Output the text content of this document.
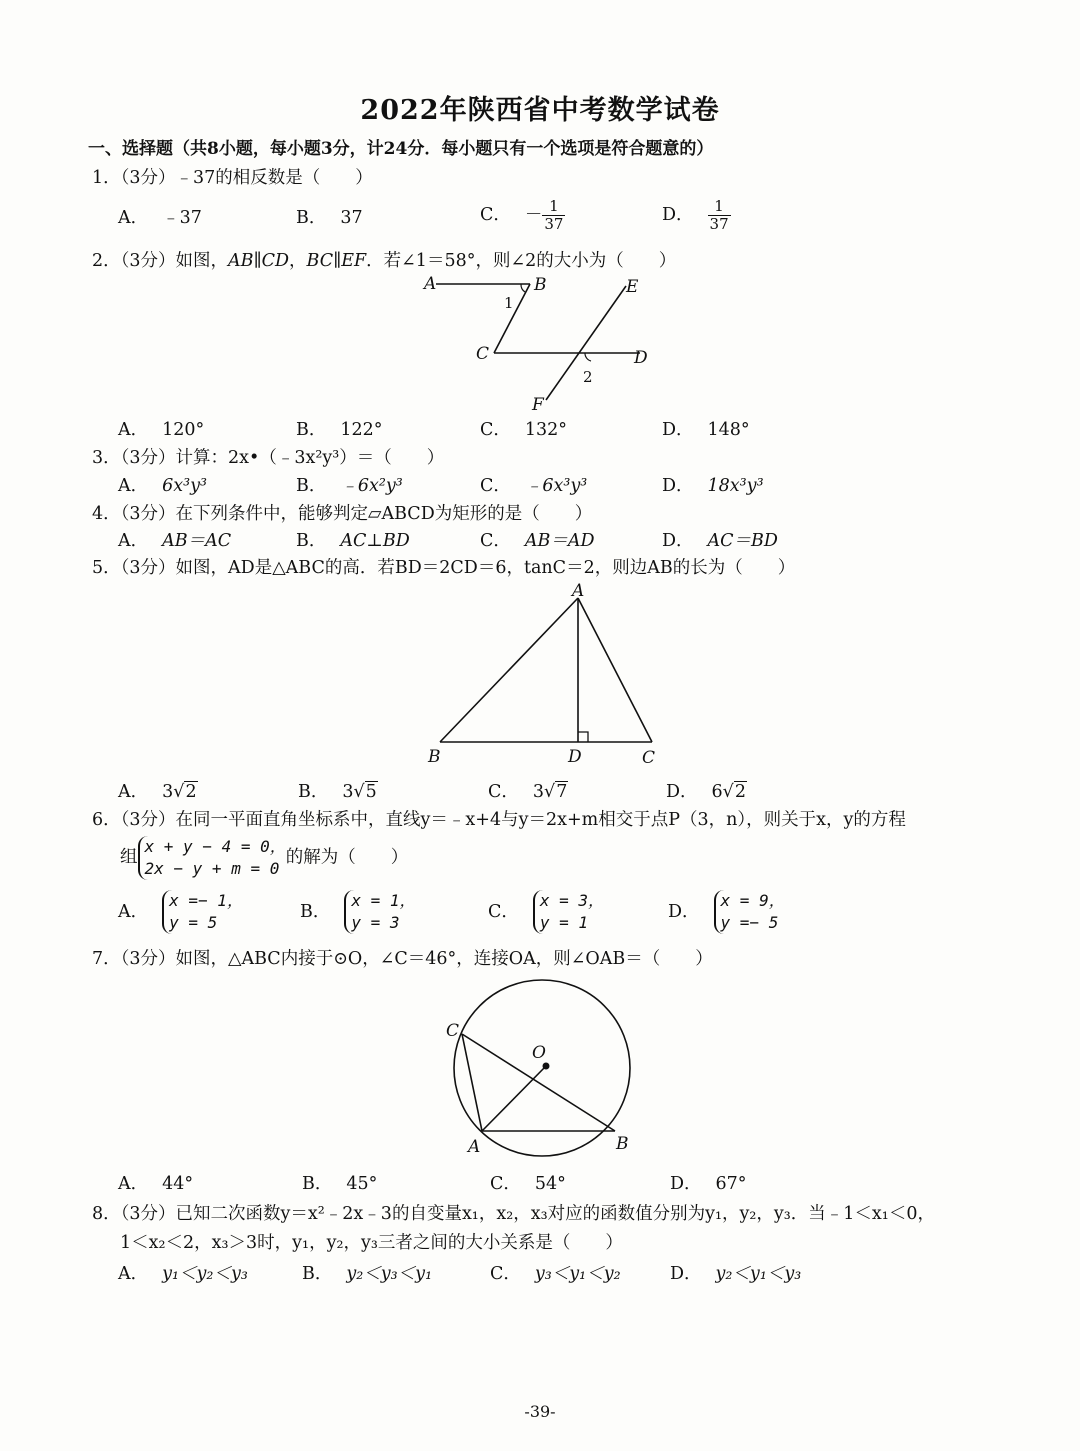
2022年陕西省中考数学试卷
一、选择题（共8小题，每小题3分，计24分．每小题只有一个选项是符合题意的）
1．（3分）﹣37的相反数是（　　）
A． ﹣37	B． 37	C． － $\frac{1}{37}$	D． $\frac{1}{37}$
2．（3分）如图，AB∥CD，BC∥EF．若∠1＝58°，则∠2的大小为（　　）
A	B	E
C	D
F
1
2
A． 120°	B． 122°	C． 132°	D． 148°
3．（3分）计算：2x•（﹣3x²y³）＝（　　）
A． 6x³y³	B． ﹣6x²y³	C． ﹣6x³y³	D． 18x³y³
4．（3分）在下列条件中，能够判定▱ABCD为矩形的是（　　）
A． AB＝AC	B． AC⊥BD	C． AB＝AD	D． AC＝BD
5．（3分）如图，AD是△ABC的高．若BD＝2CD＝6，tanC＝2，则边AB的长为（　　）
A
B	D	C
A． 3√2	B． 3√5	C． 3√7	D． 6√2
6．（3分）在同一平面直角坐标系中，直线y＝﹣x+4与y＝2x+m相交于点P（3，n），则关于x，y的方程
组
x + y − 4 = 0，
2x − y + m = 0
的解为（　　）
A．
x =− 1，
y = 5
B．
x = 1，
y = 3
C．
x = 3，
y = 1
D．
x = 9，
y =− 5
7．（3分）如图，△ABC内接于⊙O，∠C＝46°，连接OA，则∠OAB＝（　　）
C
O
A	B
A． 44°	B． 45°	C． 54°	D． 67°
8．（3分）已知二次函数y＝x²﹣2x﹣3的自变量x₁，x₂，x₃对应的函数值分别为y₁，y₂，y₃．当﹣1＜x₁＜0，
1＜x₂＜2，x₃＞3时，y₁，y₂，y₃三者之间的大小关系是（　　）
A． y₁＜y₂＜y₃	B． y₂＜y₃＜y₁	C． y₃＜y₁＜y₂	D． y₂＜y₁＜y₃
-39-
